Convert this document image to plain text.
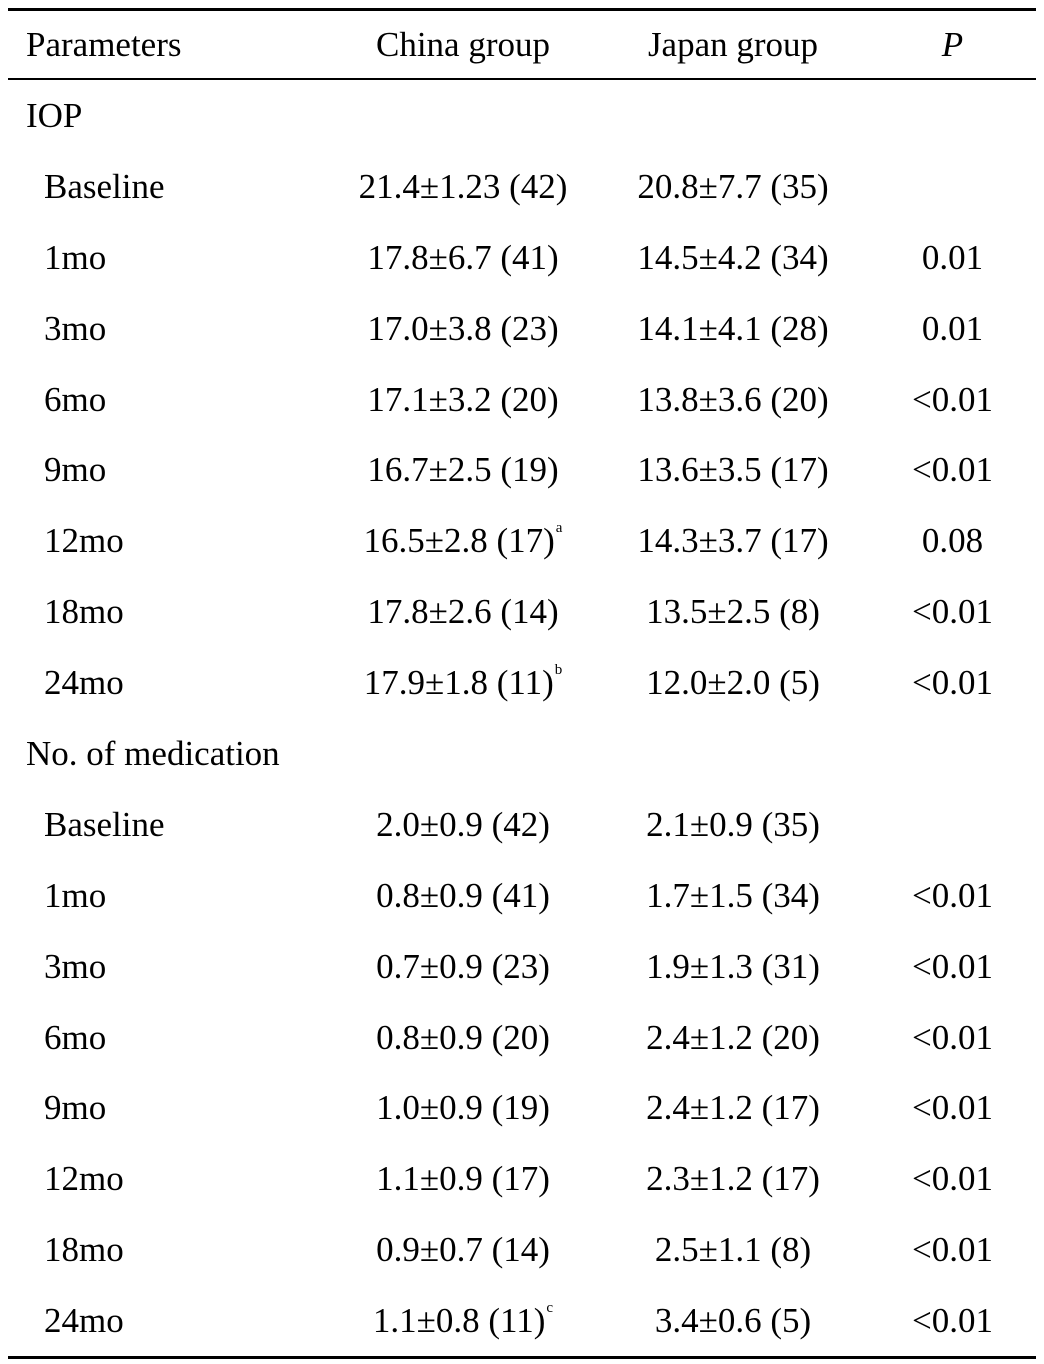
Parameters	China group	Japan group	P
IOP			
Baseline	21.4±1.23 (42)	20.8±7.7 (35)	
1mo	17.8±6.7 (41)	14.5±4.2 (34)	0.01
3mo	17.0±3.8 (23)	14.1±4.1 (28)	0.01
6mo	17.1±3.2 (20)	13.8±3.6 (20)	<0.01
9mo	16.7±2.5 (19)	13.6±3.5 (17)	<0.01
12mo	16.5±2.8 $(17)^a$	14.3±3.7 (17)	0.08
18mo	17.8±2.6 (14)	13.5±2.5 (8)	<0.01
24mo	17.9±1.8 $(11)^b$	12.0±2.0 (5)	<0.01
No. of medication			
Baseline	2.0±0.9 (42)	2.1±0.9 (35)	
1mo	0.8±0.9 (41)	1.7±1.5 (34)	<0.01
3mo	0.7±0.9 (23)	1.9±1.3 (31)	<0.01
6mo	0.8±0.9 (20)	2.4±1.2 (20)	<0.01
9mo	1.0±0.9 (19)	2.4±1.2 (17)	<0.01
12mo	1.1±0.9 (17)	2.3±1.2 (17)	<0.01
18mo	0.9±0.7 (14)	2.5±1.1 (8)	<0.01
24mo	1.1±0.8 $(11)^c$	3.4±0.6 (5)	<0.01
